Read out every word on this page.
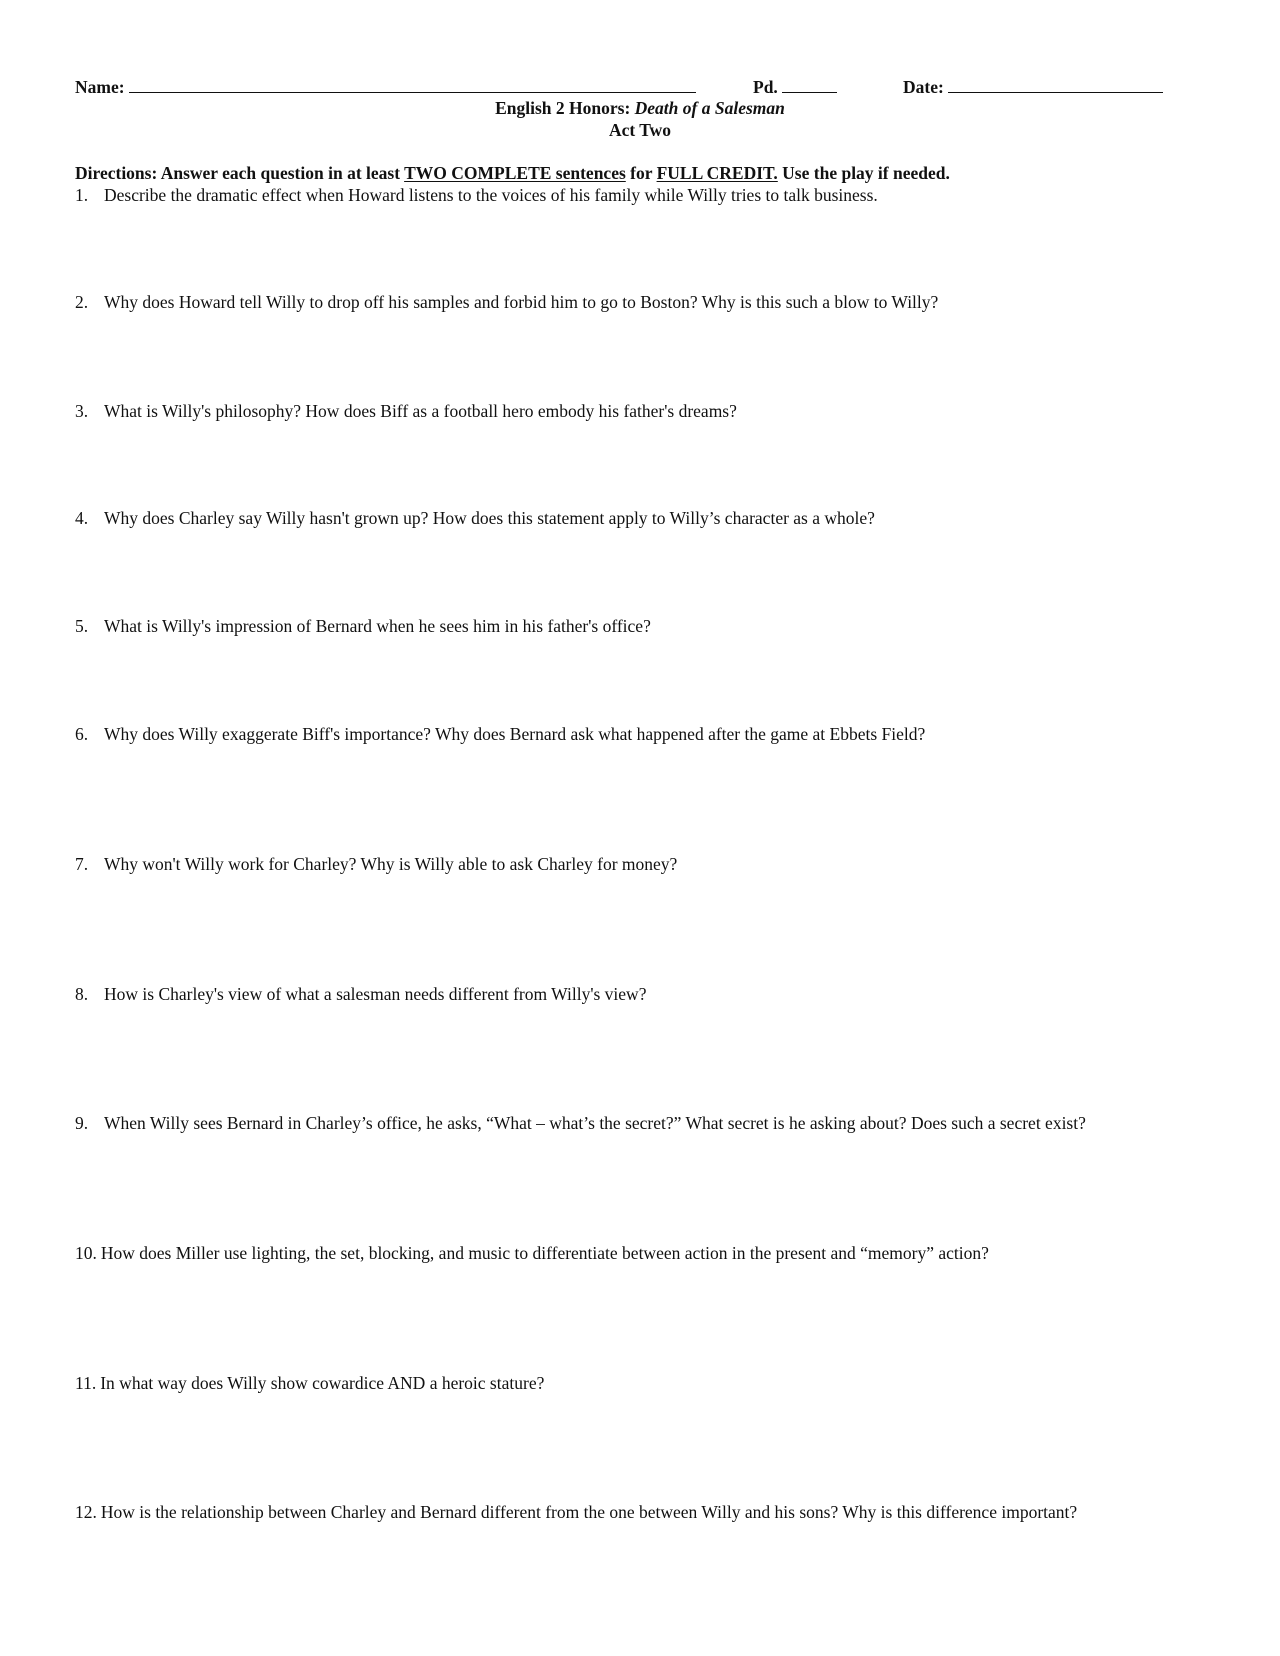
Name:	Pd.	Date:
English 2 Honors: Death of a Salesman
Act Two
Directions: Answer each question in at least TWO COMPLETE sentences for FULL CREDIT. Use the play if needed.
1. Describe the dramatic effect when Howard listens to the voices of his family while Willy tries to talk business.
2. Why does Howard tell Willy to drop off his samples and forbid him to go to Boston? Why is this such a blow to Willy?
3. What is Willy's philosophy? How does Biff as a football hero embody his father's dreams?
4. Why does Charley say Willy hasn't grown up? How does this statement apply to Willy’s character as a whole?
5. What is Willy's impression of Bernard when he sees him in his father's office?
6. Why does Willy exaggerate Biff's importance? Why does Bernard ask what happened after the game at Ebbets Field?
7. Why won't Willy work for Charley? Why is Willy able to ask Charley for money?
8. How is Charley's view of what a salesman needs different from Willy's view?
9. When Willy sees Bernard in Charley’s office, he asks, “What – what’s the secret?” What secret is he asking about? Does such a secret exist?
10. How does Miller use lighting, the set, blocking, and music to differentiate between action in the present and “memory” action?
11. In what way does Willy show cowardice AND a heroic stature?
12. How is the relationship between Charley and Bernard different from the one between Willy and his sons? Why is this difference important?
